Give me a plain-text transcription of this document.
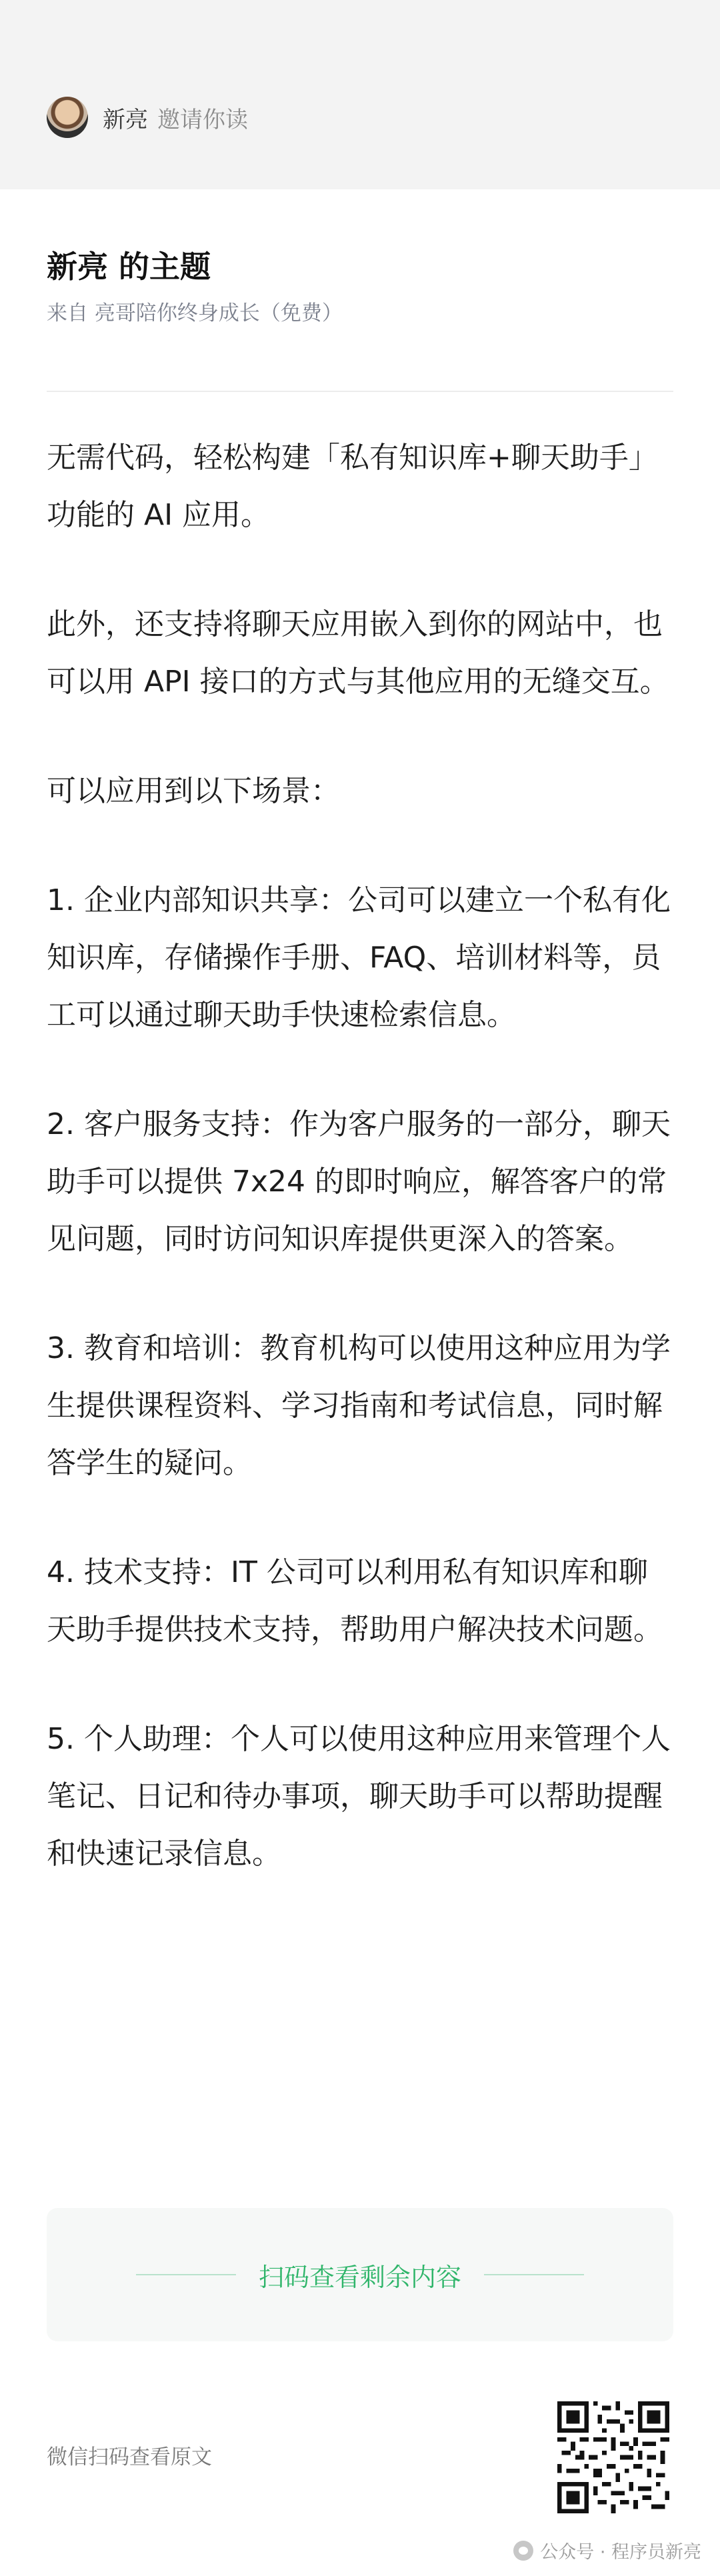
新亮 邀请你读
新亮 的主题
来自 亮哥陪你终身成长（免费）

无需代码，轻松构建「私有知识库+聊天助手」功能的 AI 应用。

此外，还支持将聊天应用嵌入到你的网站中，也可以用 API 接口的方式与其他应用的无缝交互。

可以应用到以下场景：

1. 企业内部知识共享：公司可以建立一个私有化知识库，存储操作手册、FAQ、培训材料等，员工可以通过聊天助手快速检索信息。

2. 客户服务支持：作为客户服务的一部分，聊天助手可以提供 7x24 的即时响应，解答客户的常见问题，同时访问知识库提供更深入的答案。

3. 教育和培训：教育机构可以使用这种应用为学生提供课程资料、学习指南和考试信息，同时解答学生的疑问。

4. 技术支持：IT 公司可以利用私有知识库和聊天助手提供技术支持，帮助用户解决技术问题。

5. 个人助理：个人可以使用这种应用来管理个人笔记、日记和待办事项，聊天助手可以帮助提醒和快速记录信息。

扫码查看剩余内容
微信扫码查看原文
公众号 · 程序员新亮
